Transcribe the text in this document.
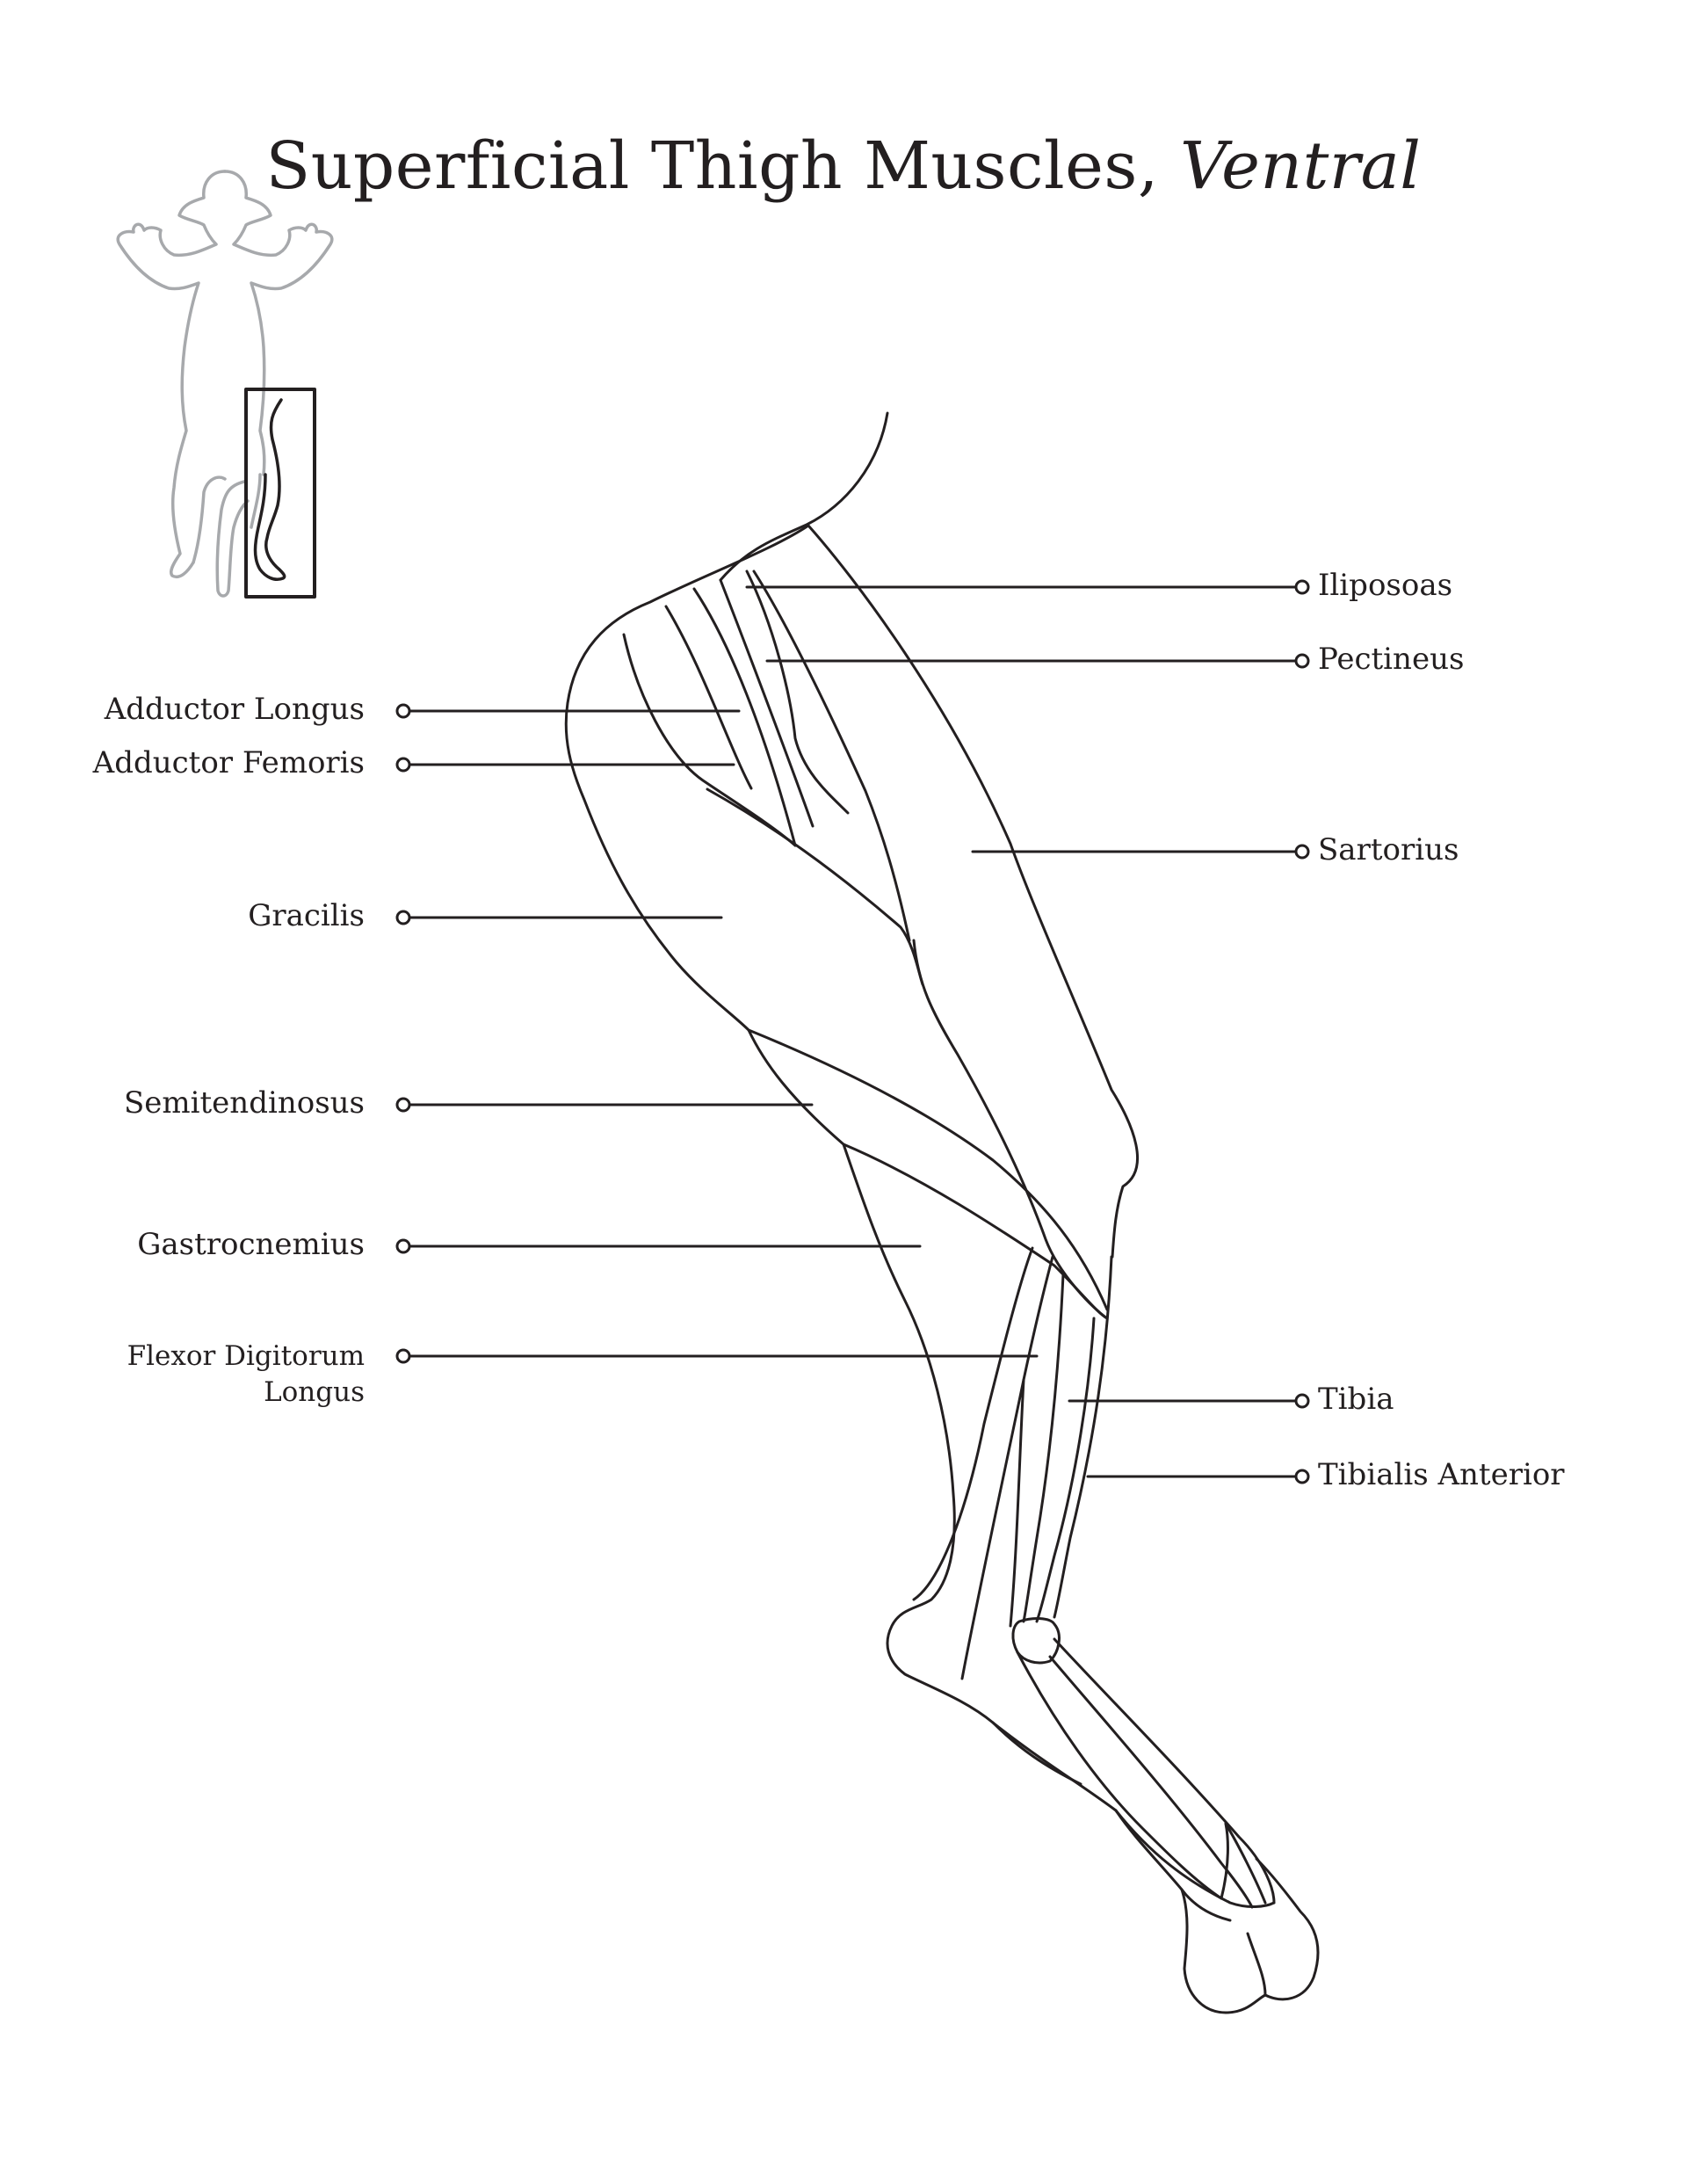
Superficial Thigh Muscles, Ventral
Iliposoas
Pectineus
Sartorius
Tibia
Tibialis Anterior
Adductor Longus
Adductor Femoris
Gracilis
Semitendinosus
Gastrocnemius
Flexor Digitorum
Longus
